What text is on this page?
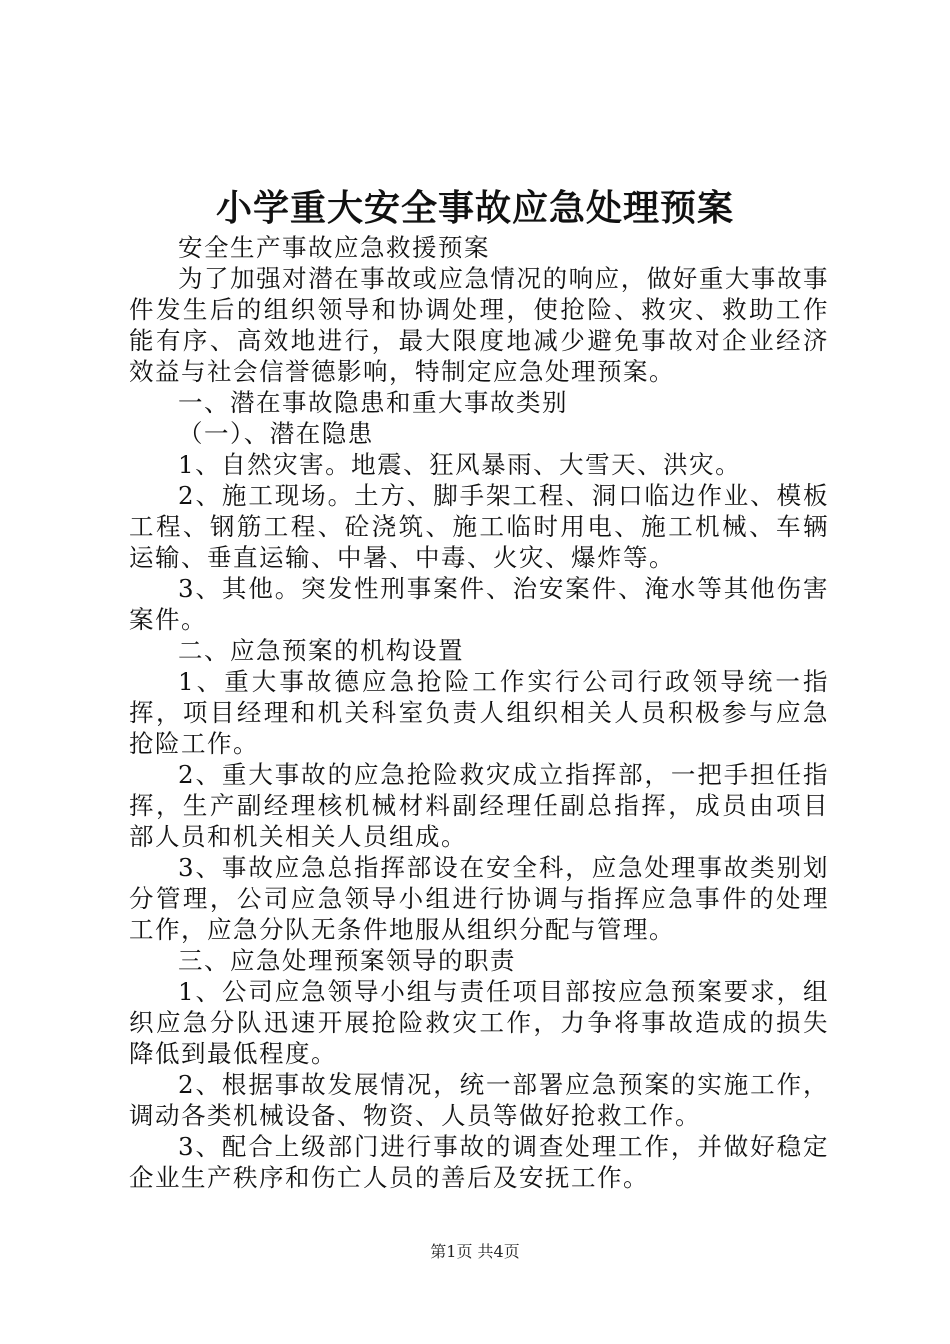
小学重大安全事故应急处理预案

安全生产事故应急救援预案

为了加强对潜在事故或应急情况的响应，做好重大事故事件发生后的组织领导和协调处理，使抢险、救灾、救助工作能有序、高效地进行，最大限度地减少避免事故对企业经济效益与社会信誉德影响，特制定应急处理预案。

一、潜在事故隐患和重大事故类别

（一）、潜在隐患

1、自然灾害。地震、狂风暴雨、大雪天、洪灾。

2、施工现场。土方、脚手架工程、洞口临边作业、模板工程、钢筋工程、砼浇筑、施工临时用电、施工机械、车辆运输、垂直运输、中暑、中毒、火灾、爆炸等。

3、其他。突发性刑事案件、治安案件、淹水等其他伤害案件。

二、应急预案的机构设置

1、重大事故德应急抢险工作实行公司行政领导统一指挥，项目经理和机关科室负责人组织相关人员积极参与应急抢险工作。

2、重大事故的应急抢险救灾成立指挥部，一把手担任指挥，生产副经理核机械材料副经理任副总指挥，成员由项目部人员和机关相关人员组成。

3、事故应急总指挥部设在安全科，应急处理事故类别划分管理，公司应急领导小组进行协调与指挥应急事件的处理工作，应急分队无条件地服从组织分配与管理。

三、应急处理预案领导的职责

1、公司应急领导小组与责任项目部按应急预案要求，组织应急分队迅速开展抢险救灾工作，力争将事故造成的损失降低到最低程度。

2、根据事故发展情况，统一部署应急预案的实施工作，调动各类机械设备、物资、人员等做好抢救工作。

3、配合上级部门进行事故的调查处理工作，并做好稳定企业生产秩序和伤亡人员的善后及安抚工作。

第1页 共4页
